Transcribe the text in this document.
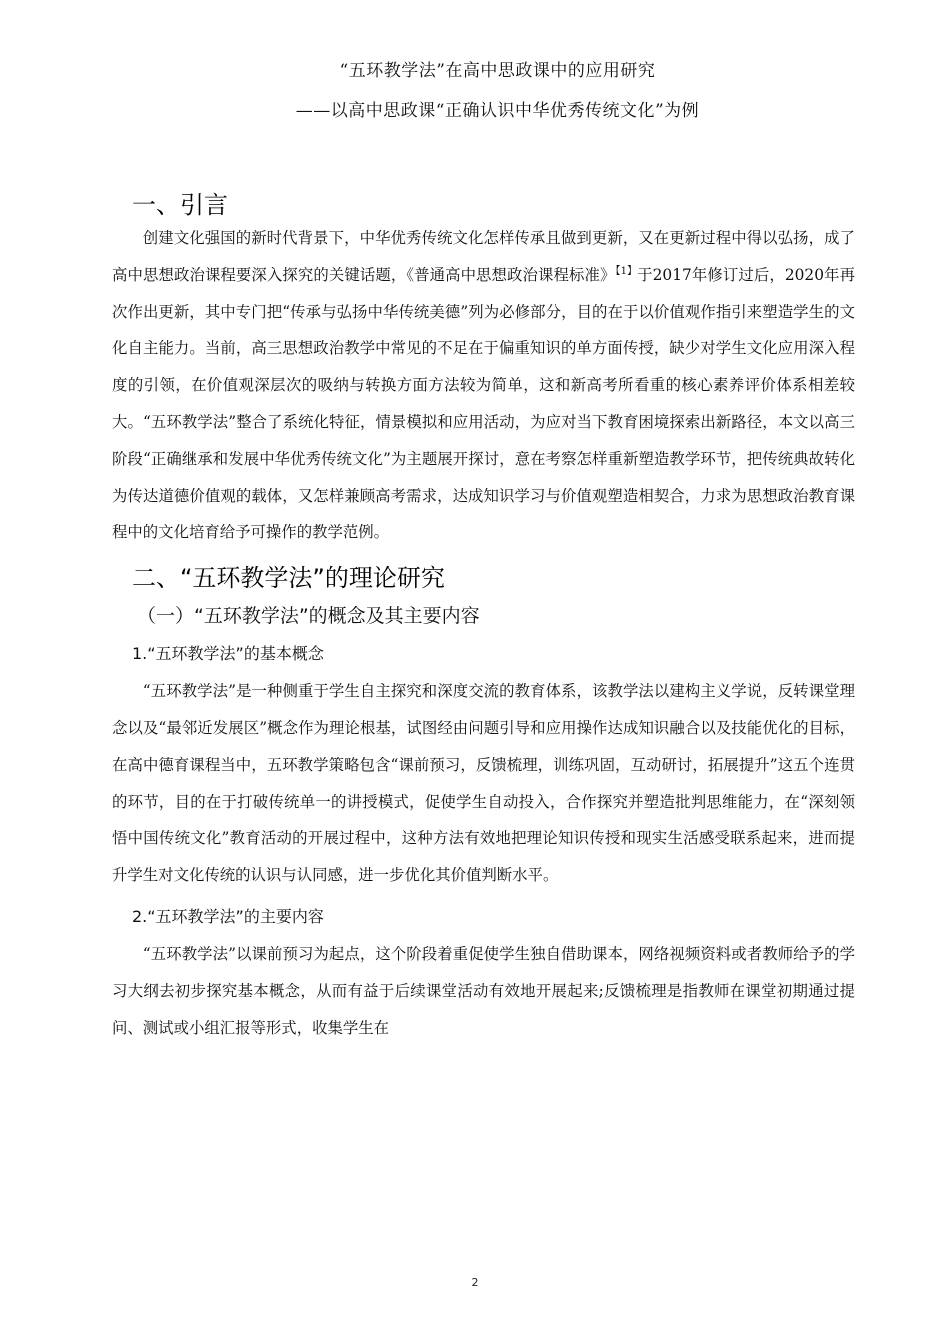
“五环教学法”在高中思政课中的应用研究
——以高中思政课“正确认识中华优秀传统文化”为例
一、引言

创建文化强国的新时代背景下，中华优秀传统文化怎样传承且做到更新，又在更新过程中得以弘扬，成了高中思想政治课程要深入探究的关键话题，《普通高中思想政治课程标准》$^{【1】}$于2017年修订过后，2020年再次作出更新，其中专门把“传承与弘扬中华传统美德”列为必修部分，目的在于以价值观作指引来塑造学生的文化自主能力。当前，高三思想政治教学中常见的不足在于偏重知识的单方面传授，缺少对学生文化应用深入程度的引领，在价值观深层次的吸纳与转换方面方法较为简单，这和新高考所看重的核心素养评价体系相差较大。“五环教学法”整合了系统化特征，情景模拟和应用活动，为应对当下教育困境探索出新路径，本文以高三阶段“正确继承和发展中华优秀传统文化”为主题展开探讨，意在考察怎样重新塑造教学环节，把传统典故转化为传达道德价值观的载体，又怎样兼顾高考需求，达成知识学习与价值观塑造相契合，力求为思想政治教育课程中的文化培育给予可操作的教学范例。

二、“五环教学法”的理论研究
（一）“五环教学法”的概念及其主要内容
1.“五环教学法”的基本概念

“五环教学法”是一种侧重于学生自主探究和深度交流的教育体系，该教学法以建构主义学说，反转课堂理念以及“最邻近发展区”概念作为理论根基，试图经由问题引导和应用操作达成知识融合以及技能优化的目标，在高中德育课程当中，五环教学策略包含“课前预习，反馈梳理，训练巩固，互动研讨，拓展提升”这五个连贯的环节，目的在于打破传统单一的讲授模式，促使学生自动投入，合作探究并塑造批判思维能力，在“深刻领悟中国传统文化”教育活动的开展过程中，这种方法有效地把理论知识传授和现实生活感受联系起来，进而提升学生对文化传统的认识与认同感，进一步优化其价值判断水平。

2.“五环教学法”的主要内容

“五环教学法”以课前预习为起点，这个阶段着重促使学生独自借助课本，网络视频资料或者教师给予的学习大纲去初步探究基本概念，从而有益于后续课堂活动有效地开展起来;反馈梳理是指教师在课堂初期通过提问、测试或小组汇报等形式，收集学生在

2
